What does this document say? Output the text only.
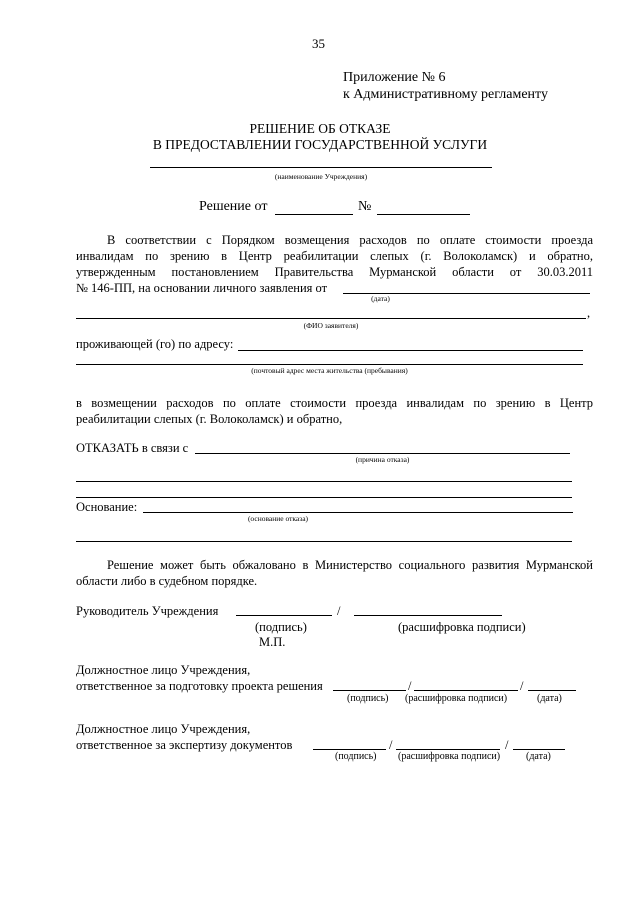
35
Приложение № 6
к Административному регламенту
РЕШЕНИЕ ОБ ОТКАЗЕ
В ПРЕДОСТАВЛЕНИИ ГОСУДАРСТВЕННОЙ УСЛУГИ
(наименование Учреждения)
Решение от	№
В соответствии с Порядком возмещения расходов по оплате стоимости проезда
инвалидам по зрению в Центр реабилитации слепых (г. Волоколамск) и обратно,
утвержденным постановлением Правительства Мурманской области от 30.03.2011
№ 146-ПП, на основании личного заявления от
(дата)
,
(ФИО заявителя)
проживающей (го) по адресу:
(почтовый адрес места жительства (пребывания)
в возмещении расходов по оплате стоимости проезда инвалидам по зрению в Центр
реабилитации слепых (г. Волоколамск) и обратно,
ОТКАЗАТЬ в связи с
(причина отказа)
Основание:
(основание отказа)
Решение может быть обжаловано в Министерство социального развития Мурманской
области либо в судебном порядке.
Руководитель Учреждения	/
(подпись)	(расшифровка подписи)
М.П.
Должностное лицо Учреждения,
ответственное за подготовку проекта решения	/	/
(подпись) (расшифровка подписи)	(дата)
Должностное лицо Учреждения,
ответственное за экспертизу документов	/	/
(подпись) (расшифровка подписи)	(дата)
